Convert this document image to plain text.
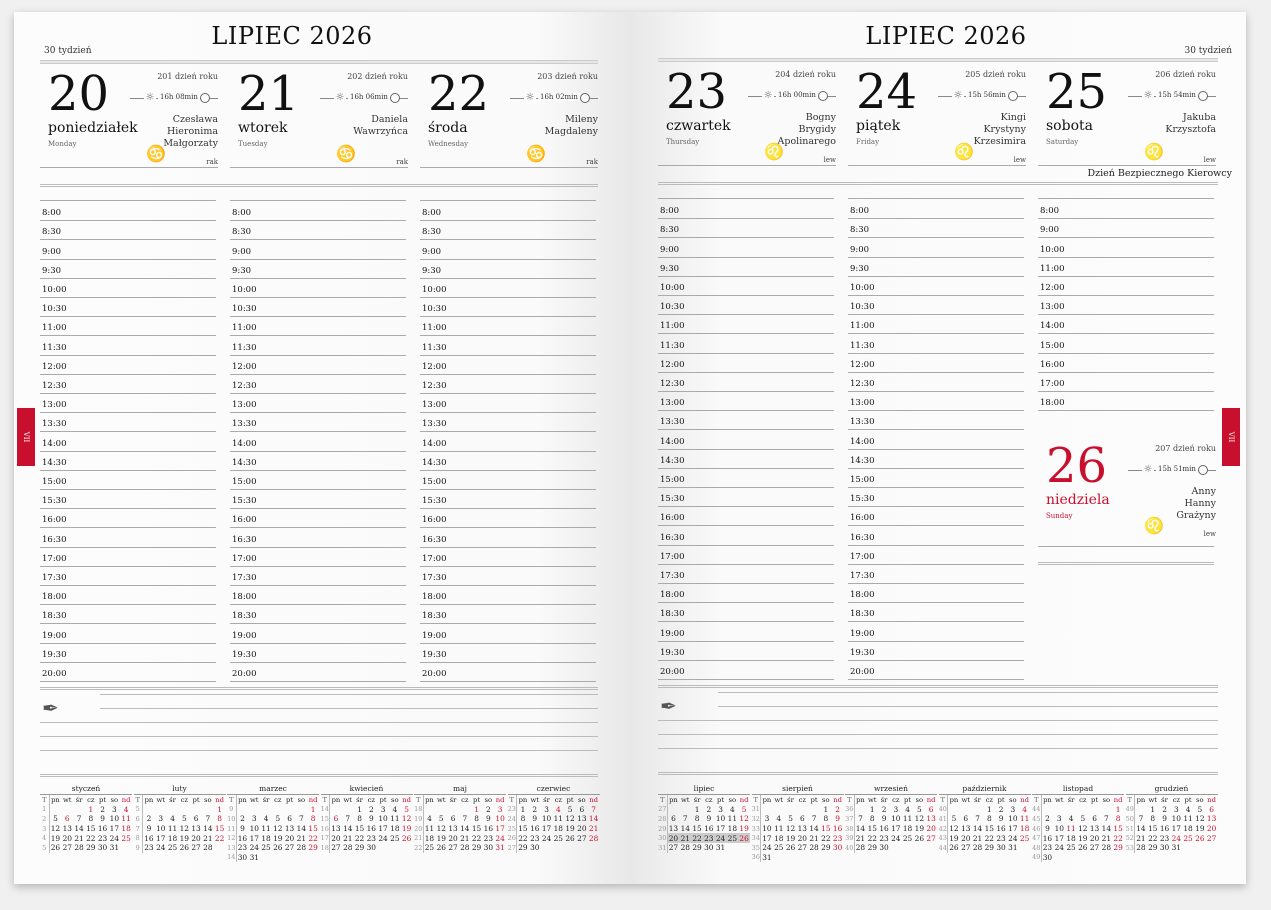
LIPIEC 2026
30 tydzień
20
poniedziałek
Monday
201 dzień roku
☼ 16h 08min
Czesława
Hieronima
Małgorzaty
♋	rak
21
wtorek
Tuesday
202 dzień roku
☼ 16h 06min
Daniela
Wawrzyńca
♋	rak
22
środa
Wednesday
203 dzień roku
☼ 16h 02min
Mileny
Magdaleny
♋	rak
8:00
8:30
9:00
9:30
10:00
10:30
11:00
11:30
12:00
12:30
13:00
13:30
14:00
14:30
15:00
15:30
16:00
16:30
17:00
17:30
18:00
18:30
19:00
19:30
20:00
8:00
8:30
9:00
9:30
10:00
10:30
11:00
11:30
12:00
12:30
13:00
13:30
14:00
14:30
15:00
15:30
16:00
16:30
17:00
17:30
18:00
18:30
19:00
19:30
20:00
8:00
8:30
9:00
9:30
10:00
10:30
11:00
11:30
12:00
12:30
13:00
13:30
14:00
14:30
15:00
15:30
16:00
16:30
17:00
17:30
18:00
18:30
19:00
19:30
20:00
✒
styczeń
T	pn	wt	śr	cz	pt	so	nd
1				1	2	3	4
2	5	6	7	8	9	10	11
3	12	13	14	15	16	17	18
4	19	20	21	22	23	24	25
5	26	27	28	29	30	31	
luty
T	pn	wt	śr	cz	pt	so	nd
5							1
6	2	3	4	5	6	7	8
7	9	10	11	12	13	14	15
8	16	17	18	19	20	21	22
9	23	24	25	26	27	28	
marzec
T	pn	wt	śr	cz	pt	so	nd
9							1
10	2	3	4	5	6	7	8
11	9	10	11	12	13	14	15
12	16	17	18	19	20	21	22
13	23	24	25	26	27	28	29
14	30	31					
kwiecień
T	pn	wt	śr	cz	pt	so	nd
14			1	2	3	4	5
15	6	7	8	9	10	11	12
16	13	14	15	16	17	18	19
17	20	21	22	23	24	25	26
18	27	28	29	30			
maj
T	pn	wt	śr	cz	pt	so	nd
18					1	2	3
19	4	5	6	7	8	9	10
20	11	12	13	14	15	16	17
21	18	19	20	21	22	23	24
22	25	26	27	28	29	30	31
czerwiec
T	pn	wt	śr	cz	pt	so	nd
23	1	2	3	4	5	6	7
24	8	9	10	11	12	13	14
25	15	16	17	18	19	20	21
26	22	23	24	25	26	27	28
27	29	30					
LIPIEC 2026
30 tydzień
23
czwartek
Thursday
204 dzień roku
☼ 16h 00min
Bogny
Brygidy
Apolinarego
♌	lew
24
piątek
Friday
205 dzień roku
☼ 15h 56min
Kingi
Krystyny
Krzesimira
♌	lew
25
sobota
Saturday
206 dzień roku
☼ 15h 54min
Jakuba
Krzysztofa
♌	lew
Dzień Bezpiecznego Kierowcy
8:00
8:30
9:00
9:30
10:00
10:30
11:00
11:30
12:00
12:30
13:00
13:30
14:00
14:30
15:00
15:30
16:00
16:30
17:00
17:30
18:00
18:30
19:00
19:30
20:00
8:00
8:30
9:00
9:30
10:00
10:30
11:00
11:30
12:00
12:30
13:00
13:30
14:00
14:30
15:00
15:30
16:00
16:30
17:00
17:30
18:00
18:30
19:00
19:30
20:00
8:00
9:00
10:00
11:00
12:00
13:00
14:00
15:00
16:00
17:00
18:00
26
niedziela
Sunday
207 dzień roku
☼ 15h 51min
Anny
Hanny
Grażyny
♌	lew
✒
lipiec
T	pn	wt	śr	cz	pt	so	nd
27			1	2	3	4	5
28	6	7	8	9	10	11	12
29	13	14	15	16	17	18	19
30	20	21	22	23	24	25	26
31	27	28	29	30	31		
sierpień
T	pn	wt	śr	cz	pt	so	nd
31						1	2
32	3	4	5	6	7	8	9
33	10	11	12	13	14	15	16
34	17	18	19	20	21	22	23
35	24	25	26	27	28	29	30
36	31						
wrzesień
T	pn	wt	śr	cz	pt	so	nd
36		1	2	3	4	5	6
37	7	8	9	10	11	12	13
38	14	15	16	17	18	19	20
39	21	22	23	24	25	26	27
40	28	29	30				
październik
T	pn	wt	śr	cz	pt	so	nd
40				1	2	3	4
41	5	6	7	8	9	10	11
42	12	13	14	15	16	17	18
43	19	20	21	22	23	24	25
44	26	27	28	29	30	31	
listopad
T	pn	wt	śr	cz	pt	so	nd
44							1
45	2	3	4	5	6	7	8
46	9	10	11	12	13	14	15
47	16	17	18	19	20	21	22
48	23	24	25	26	27	28	29
49	30						
grudzień
T	pn	wt	śr	cz	pt	so	nd
49		1	2	3	4	5	6
50	7	8	9	10	11	12	13
51	14	15	16	17	18	19	20
52	21	22	23	24	25	26	27
53	28	29	30	31			
VII	VII
